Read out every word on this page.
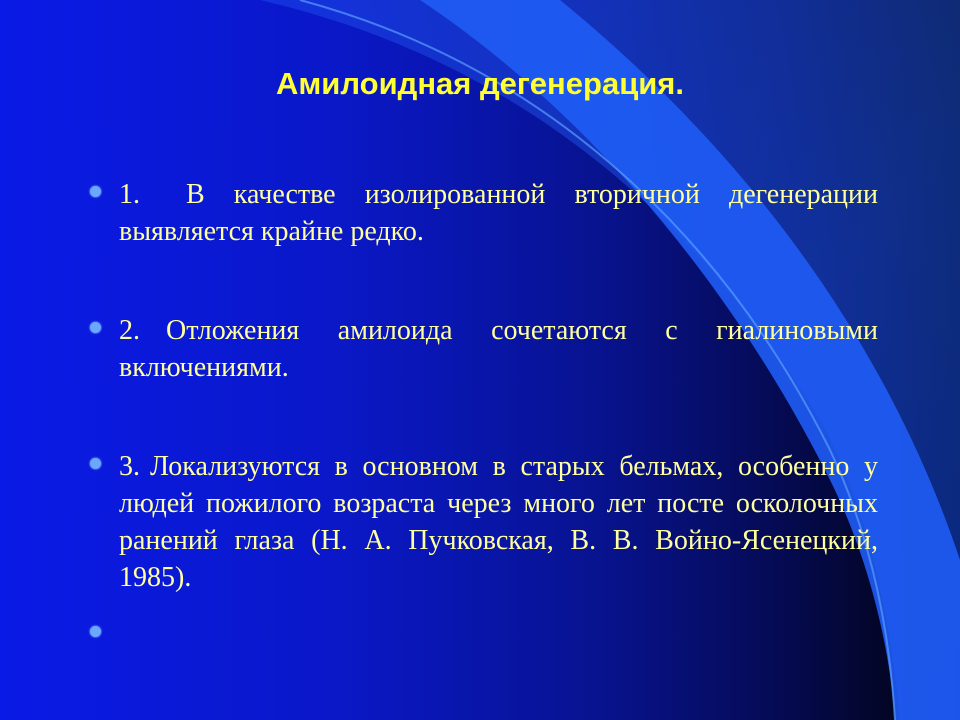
Амилоидная дегенерация.
1. В качестве изолированной вторичной дегенерации выявляется крайне редко.
2. Отложения амилоида сочетаются с гиалиновыми включениями.
3. Локализуются в основном в старых бельмах, особенно у людей пожилого возраста через много лет посте осколочных ранений глаза (Н. А. Пучковская, В. В. Войно-Ясенецкий, 1985).
